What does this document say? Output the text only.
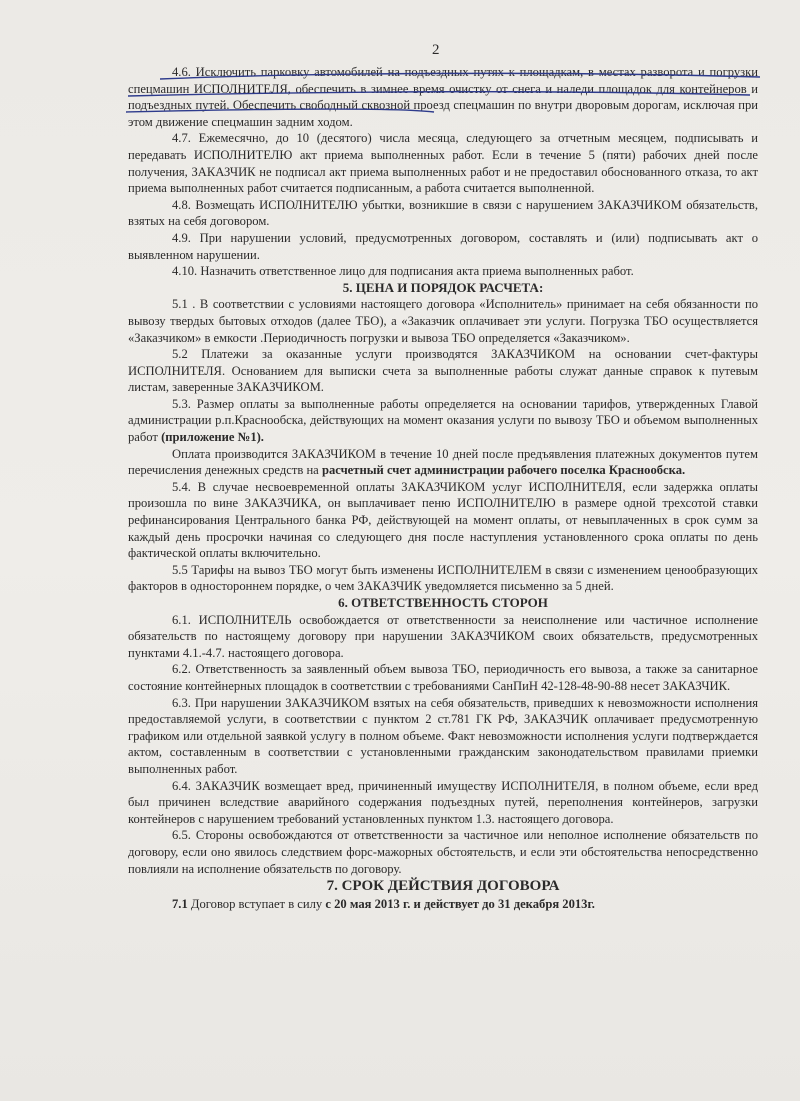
2

4.6. Исключить парковку автомобилей на подъездных путях к площадкам, в местах разворота и погрузки спецмашин ИСПОЛНИТЕЛЯ, обеспечить в зимнее время очистку от снега и наледи площадок для контейнеров и подъездных путей. Обеспечить свободный сквозной проезд спецмашин по внутри дворовым дорогам, исключая при этом движение спецмашин задним ходом.

4.7. Ежемесячно, до 10 (десятого) числа месяца, следующего за отчетным месяцем, подписывать и передавать ИСПОЛНИТЕЛЮ акт приема выполненных работ. Если в течение 5 (пяти) рабочих дней после получения, ЗАКАЗЧИК не подписал акт приема выполненных работ и не предоставил обоснованного отказа, то акт приема выполненных работ считается подписанным, а работа считается выполненной.

4.8. Возмещать ИСПОЛНИТЕЛЮ убытки, возникшие в связи с нарушением ЗАКАЗЧИКОМ обязательств, взятых на себя договором.

4.9. При нарушении условий, предусмотренных договором, составлять и (или) подписывать акт о выявленном нарушении.

4.10. Назначить ответственное лицо для подписания акта приема выполненных работ.

5. ЦЕНА И ПОРЯДОК РАСЧЕТА:

5.1 . В соответствии с условиями настоящего договора «Исполнитель» принимает на себя обязанности по вывозу твердых бытовых отходов (далее ТБО), а «Заказчик оплачивает эти услуги. Погрузка ТБО осуществляется «Заказчиком» в емкости .Периодичность погрузки и вывоза ТБО определяется «Заказчиком».

5.2 Платежи за оказанные услуги производятся ЗАКАЗЧИКОМ на основании счет-фактуры ИСПОЛНИТЕЛЯ. Основанием для выписки счета за выполненные работы служат данные справок к путевым листам, заверенные ЗАКАЗЧИКОМ.

5.3. Размер оплаты за выполненные работы определяется на основании тарифов, утвержденных Главой администрации р.п.Краснообска, действующих на момент оказания услуги по вывозу ТБО и объемом выполненных работ (приложение №1).

Оплата производится ЗАКАЗЧИКОМ в течение 10 дней после предъявления платежных документов путем перечисления денежных средств на расчетный счет администрации рабочего поселка Краснообска.

5.4. В случае несвоевременной оплаты ЗАКАЗЧИКОМ услуг ИСПОЛНИТЕЛЯ, если задержка оплаты произошла по вине ЗАКАЗЧИКА, он выплачивает пеню ИСПОЛНИТЕЛЮ в размере одной трехсотой ставки рефинансирования Центрального банка РФ, действующей на момент оплаты, от невыплаченных в срок сумм за каждый день просрочки начиная со следующего дня после наступления установленного срока оплаты по день фактической оплаты включительно.

5.5 Тарифы на вывоз ТБО могут быть изменены ИСПОЛНИТЕЛЕМ в связи с изменением ценообразующих факторов в одностороннем порядке, о чем ЗАКАЗЧИК уведомляется письменно за 5 дней.

6. ОТВЕТСТВЕННОСТЬ СТОРОН

6.1. ИСПОЛНИТЕЛЬ освобождается от ответственности за неисполнение или частичное исполнение обязательств по настоящему договору при нарушении ЗАКАЗЧИКОМ своих обязательств, предусмотренных пунктами 4.1.-4.7. настоящего договора.

6.2. Ответственность за заявленный объем вывоза ТБО, периодичность его вывоза, а также за санитарное состояние контейнерных площадок в соответствии с требованиями СанПиН 42-128-48-90-88 несет ЗАКАЗЧИК.

6.3. При нарушении ЗАКАЗЧИКОМ взятых на себя обязательств, приведших к невозможности исполнения предоставляемой услуги, в соответствии с пунктом 2 ст.781 ГК РФ, ЗАКАЗЧИК оплачивает предусмотренную графиком или отдельной заявкой услугу в полном объеме. Факт невозможности исполнения услуги подтверждается актом, составленным в соответствии с установленными гражданским законодательством правилами приемки выполненных работ.

6.4. ЗАКАЗЧИК возмещает вред, причиненный имуществу ИСПОЛНИТЕЛЯ, в полном объеме, если вред был причинен вследствие аварийного содержания подъездных путей, переполнения контейнеров, загрузки контейнеров с нарушением требований установленных пунктом 1.3. настоящего договора.

6.5. Стороны освобождаются от ответственности за частичное или неполное исполнение обязательств по договору, если оно явилось следствием форс-мажорных обстоятельств, и если эти обстоятельства непосредственно повлияли на исполнение обязательств по договору.

7. СРОК ДЕЙСТВИЯ ДОГОВОРА

7.1 Договор вступает в силу с 20 мая 2013 г. и действует до 31 декабря 2013г.
